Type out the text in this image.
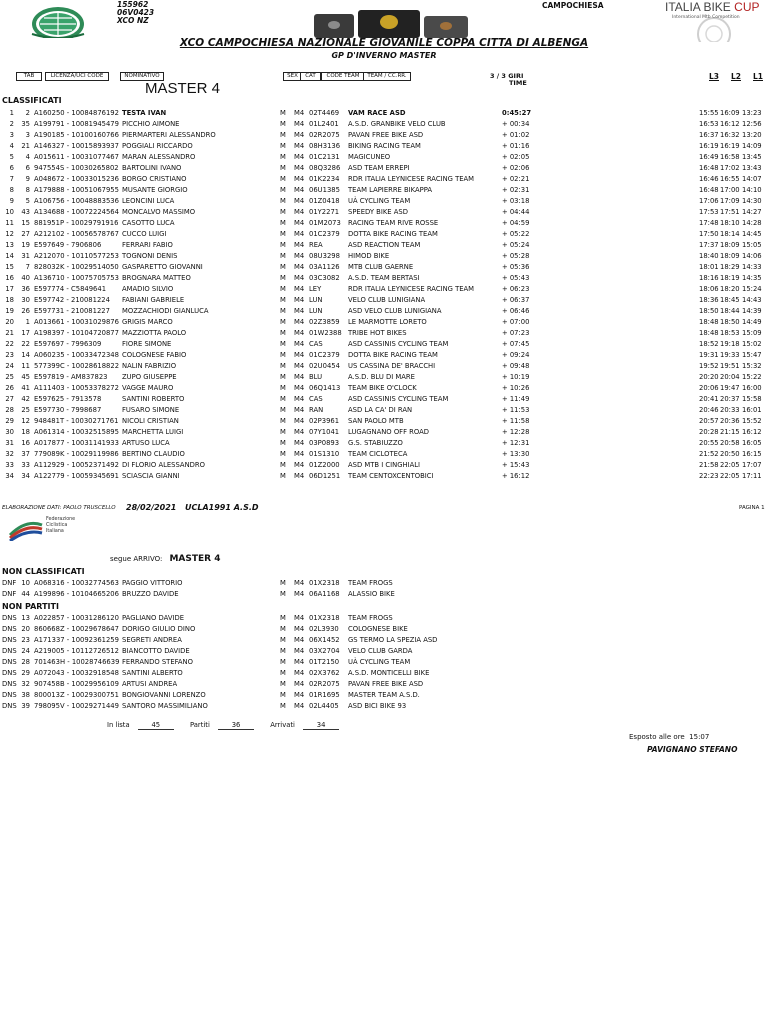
155962
06V0423
XCO NZ
CAMPOCHIESA	ITALIA BIKE CUP
International Mtb Competition
XCO CAMPOCHIESA NAZIONALE GIOVANILE COPPA CITTA DI ALBENGA
GP D'INVERNO MASTER
TAB	LICENZA/UCI CODE	NOMINATIVO	SEX	CAT	CODE TEAM	TEAM / CC.RR.
MASTER 4
3 / 3 GIRI
TIME
L3 L2 L1
CLASSIFICATI
1	2 A160250 - 10084876192 TESTA IVAN	M M4 02T4469 VAM RACE ASD	0:45:27	15:55 16:09 13:23
2	35 A199791 - 10081945479 PICCHIO AIMONE	M M4 01L2401 A.S.D. GRANBIKE VELO CLUB	+ 00:34	16:53 16:12 12:56
3	3 A190185 - 10100160766 PIERMARTERI ALESSANDRO	M M4 02R2075 PAVAN FREE BIKE ASD	+ 01:02	16:37 16:32 13:20
4	21 A146327 - 10015893937 POGGIALI RICCARDO	M M4 08H3136 BIKING RACING TEAM	+ 01:16	16:19 16:19 14:09
5	4 A015611 - 10031077467 MARAN ALESSANDRO	M M4 01C2131 MAGICUNEO	+ 02:05	16:49 16:58 13:45
6	6 947554S - 10030265802 BARTOLINI IVANO	M M4 08Q3286 ASD TEAM ERREPI	+ 02:06	16:48 17:02 13:43
7	9 A048672 - 10033015236 BORGO CRISTIANO	M M4 01K2234 RDR ITALIA LEYNICESE RACING TEAM	+ 02:21	16:46 16:55 14:07
8	8 A179888 - 10051067955 MUSANTE GIORGIO	M M4 06U1385 TEAM LAPIERRE BIKAPPA	+ 02:31	16:48 17:00 14:10
9	5 A106756 - 10048883536 LEONCINI LUCA	M M4 01Z0418 UÀ CYCLING TEAM	+ 03:18	17:06 17:09 14:30
10	43 A134688 - 10072224564 MONCALVO MASSIMO	M M4 01Y2271 SPEEDY BIKE ASD	+ 04:44	17:53 17:51 14:27
11	15 881951P - 10029791916 CASOTTO LUCA	M M4 01M2073 RACING TEAM RIVE ROSSE	+ 04:59	17:48 18:10 14:28
12	27 A212102 - 10056578767 CUCCO LUIGI	M M4 01C2379 DOTTA BIKE RACING TEAM	+ 05:22	17:50 18:14 14:45
13	19 E597649 - 7906806	FERRARI FABIO	M M4 REA	ASD REACTION TEAM	+ 05:24	17:37 18:09 15:05
14	31 A212070 - 10110577253 TOGNONI DENIS	M M4 08U3298 HIMOD BIKE	+ 05:28	18:40 18:09 14:06
15	7 828032K - 10029514050 GASPARETTO GIOVANNI	M M4 03A1126 MTB CLUB GAERNE	+ 05:36	18:01 18:29 14:33
16	40 A136710 - 10075705753 BROGNARA MATTEO	M M4 03C3082 A.S.D. TEAM BERTASI	+ 05:43	18:16 18:19 14:35
17	36 E597774 - C5849641 AMADIO SILVIO	M M4 LEY	RDR ITALIA LEYNICESE RACING TEAM	+ 06:23	18:06 18:20 15:24
18	30 E597742 - 210081224 FABIANI GABRIELE	M M4 LUN	VELO CLUB LUNIGIANA	+ 06:37	18:36 18:45 14:43
19	26 E597731 - 210081227 MOZZACHIODI GIANLUCA	M M4 LUN	ASD VELO CLUB LUNIGIANA	+ 06:46	18:50 18:44 14:39
20	1 A013661 - 10031029876 GRIGIS MARCO	M M4 02Z3859 LE MARMOTTE LORETO	+ 07:00	18:48 18:50 14:49
21	17 A198397 - 10104720877 MAZZIOTTA PAOLO	M M4 01W2388 TRIBE HOT BIKES	+ 07:23	18:48 18:53 15:09
22	22 E597697 - 7996309	FIORE SIMONE	M M4 CAS	ASD CASSINIS CYCLING TEAM	+ 07:45	18:52 19:18 15:02
23	14 A060235 - 10033472348 COLOGNESE FABIO	M M4 01C2379 DOTTA BIKE RACING TEAM	+ 09:24	19:31 19:33 15:47
24	11 577399C - 10028618822 NALIN FABRIZIO	M M4 02U0454 US CASSINA DE' BRACCHI	+ 09:48	19:52 19:51 15:32
25	45 E597819 - AM837823 ZUPO GIUSEPPE	M M4 BLU	A.S.D. BLU DI MARE	+ 10:19	20:20 20:04 15:22
26	41 A111403 - 10053378272 VAGGE MAURO	M M4 06Q1413 TEAM BIKE O'CLOCK	+ 10:26	20:06 19:47 16:00
27	42 E597625 - 7913578	SANTINI ROBERTO	M M4 CAS	ASD CASSINIS CYCLING TEAM	+ 11:49	20:41 20:37 15:58
28	25 E597730 - 7998687	FUSARO SIMONE	M M4 RAN	ASD LA CA' DI RAN	+ 11:53	20:46 20:33 16:01
29	12 948481T - 10030271761 NICOLI CRISTIAN	M M4 02P3961 SAN PAOLO MTB	+ 11:58	20:57 20:36 15:52
30	18 A061314 - 10032515895 MARCHETTA LUIGI	M M4 07Y1041 LUGAGNANO OFF ROAD	+ 12:28	20:28 21:15 16:12
31	16 A017877 - 10031141933 ARTUSO LUCA	M M4 03P0893 G.S. STABIUZZO	+ 12:31	20:55 20:58 16:05
32	37 779089K - 10029119986 BERTINO CLAUDIO	M M4 01S1310 TEAM CICLOTECA	+ 13:30	21:52 20:50 16:15
33	33 A112929 - 10052371492 DI FLORIO ALESSANDRO	M M4 01Z2000 ASD MTB I CINGHIALI	+ 15:43	21:58 22:05 17:07
34	34 A122779 - 10059345691 SCIASCIA GIANNI	M M4 06D1251 TEAM CENTOXCENTOBICI	+ 16:12	22:23 22:05 17:11
ELABORAZIONE DATI: PAOLO TRUSCELLO 28/02/2021 UCLA1991 A.S.D	PAGINA 1
Federazione
Ciclistica
Italiana
segue ARRIVO: MASTER 4
NON CLASSIFICATI
DNF 10 A068316 - 10032774563 PAGGIO VITTORIO	M M4 01X2318 TEAM FROGS
DNF 44 A199896 - 10104665206 BRUZZO DAVIDE	M M4 06A1168 ALASSIO BIKE
NON PARTITI
DNS 13 A022857 - 10031286120 PAGLIANO DAVIDE	M M4 01X2318 TEAM FROGS
DNS 20 860668Z - 10029678647 DORIGO GIULIO DINO	M M4 02L3930 COLOGNESE BIKE
DNS 23 A171337 - 10092361259 SEGRETI ANDREA	M M4 06X1452 GS TERMO LA SPEZIA ASD
DNS 24 A219005 - 10112726512 BIANCOTTO DAVIDE	M M4 03X2704 VELO CLUB GARDA
DNS 28 701463H - 10028746639 FERRANDO STEFANO	M M4 01T2150 UÀ CYCLING TEAM
DNS 29 A072043 - 10032918548 SANTINI ALBERTO	M M4 02X3762 A.S.D. MONTICELLI BIKE
DNS 32 907458B - 10029956109 ARTUSI ANDREA	M M4 02R2075 PAVAN FREE BIKE ASD
DNS 38 800013Z - 10029300751 BONGIOVANNI LORENZO	M M4 01R1695 MASTER TEAM A.S.D.
DNS 39 798095V - 10029271449 SANTORO MASSIMILIANO	M M4 02L4405 ASD BICI BIKE 93
In lista	45	Partiti	36	Arrivati	34
Esposto alle ore  15:07
PAVIGNANO STEFANO
